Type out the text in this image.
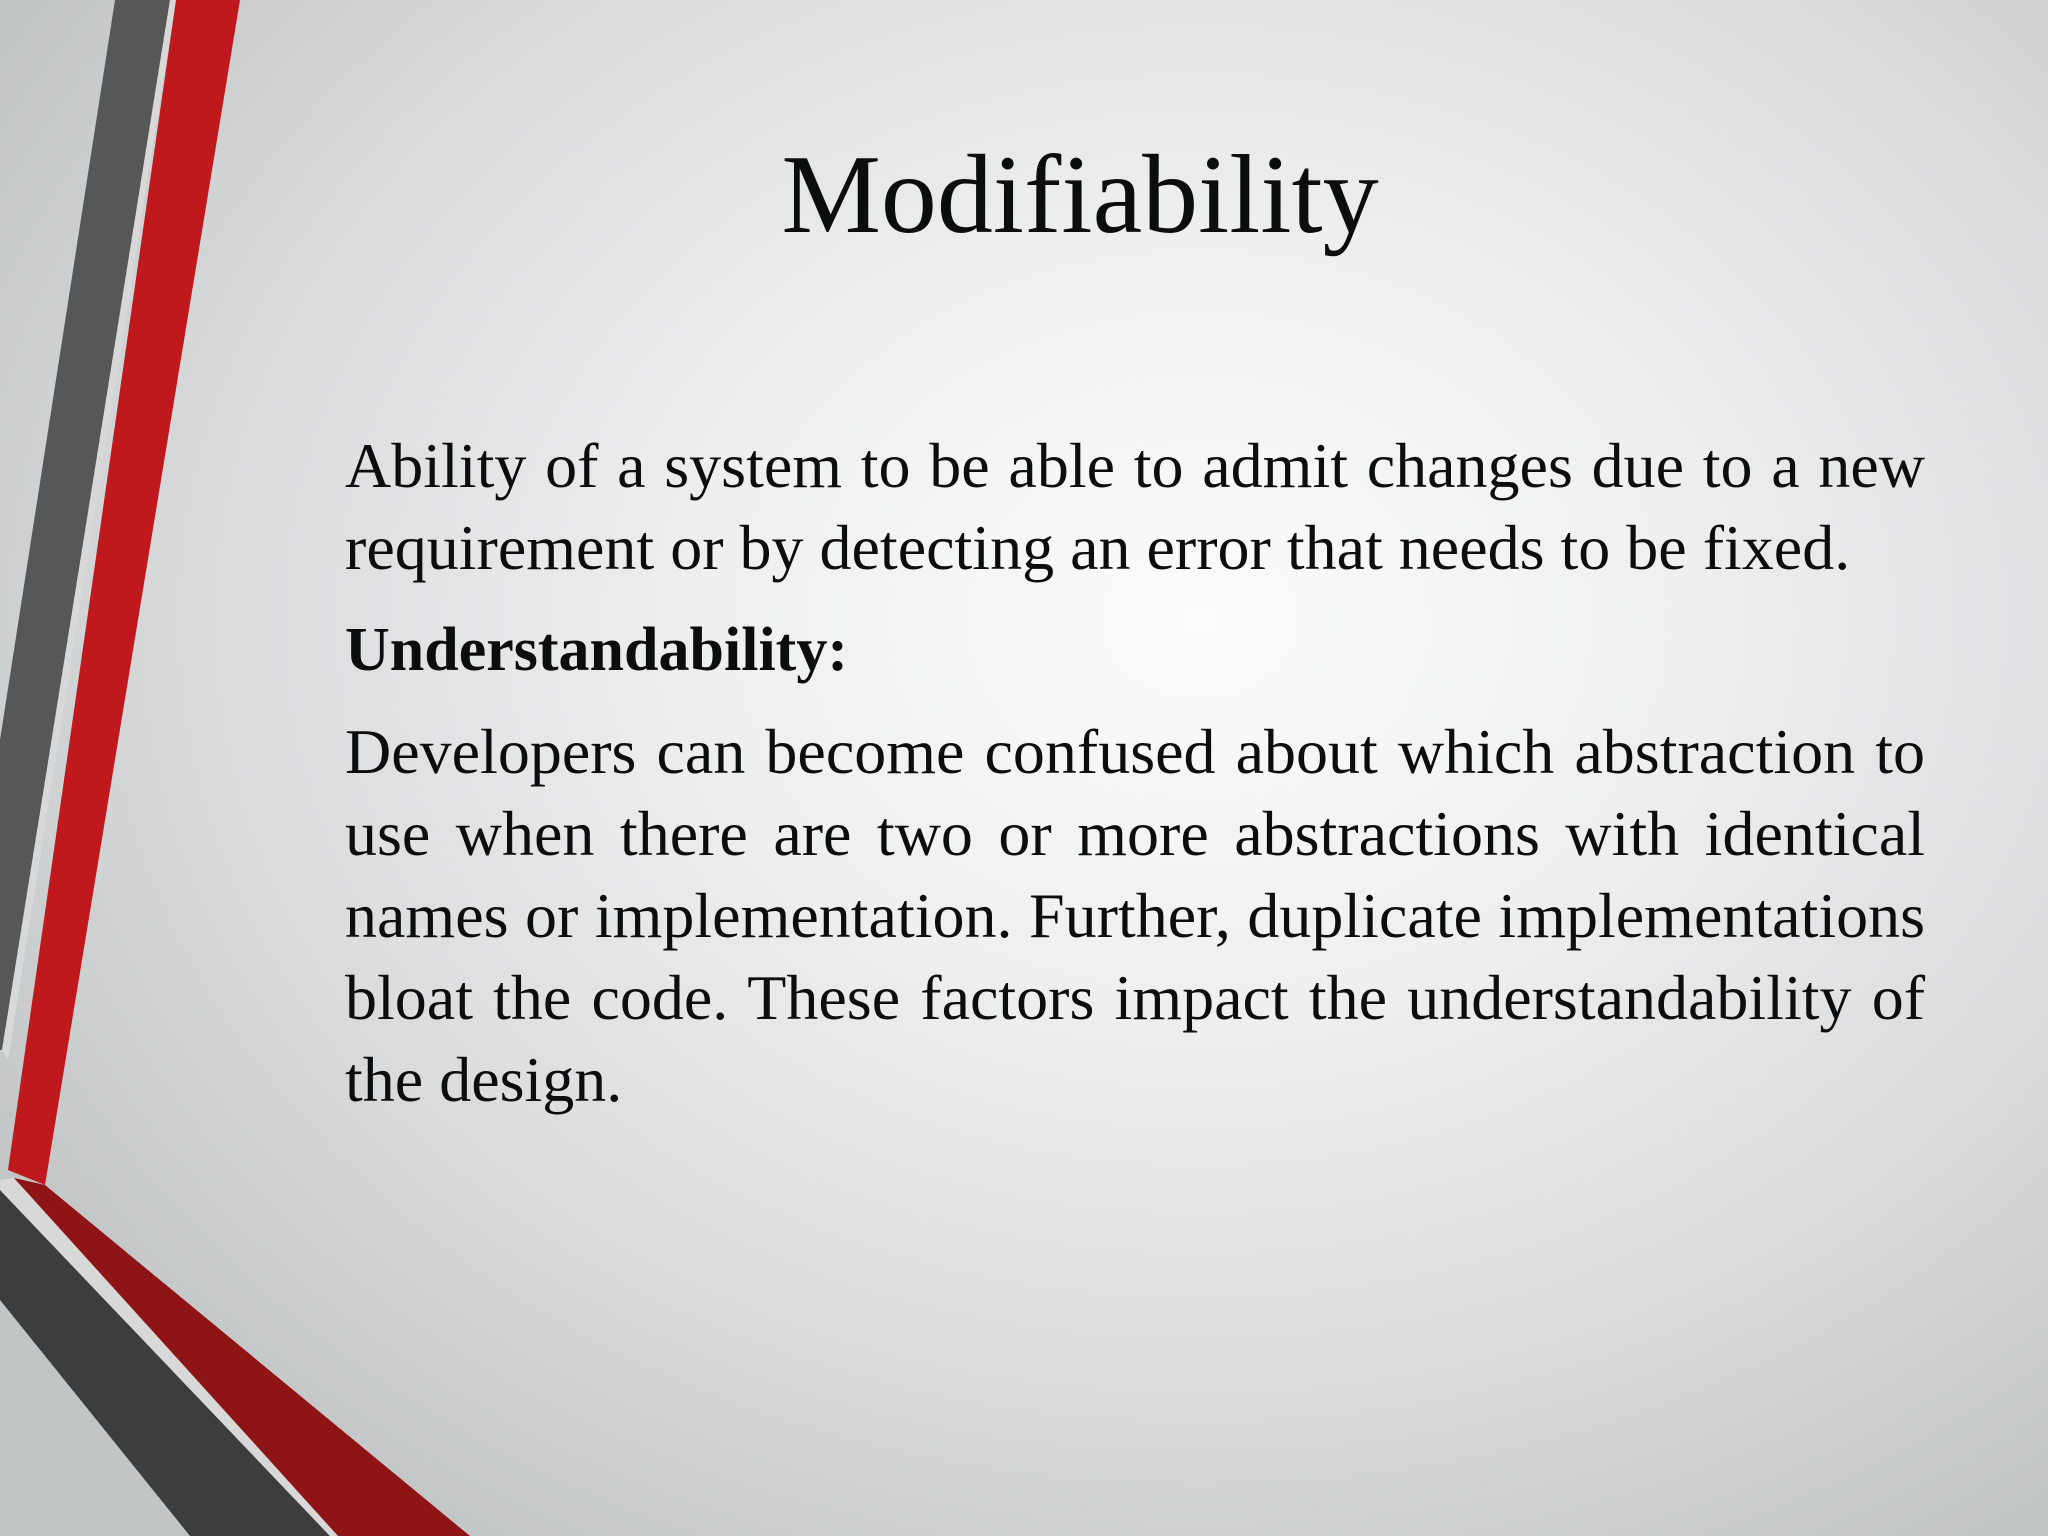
Modifiability

Ability of a system to be able to admit changes due to a new requirement or by detecting an error that needs to be fixed.

Understandability:

Developers can become confused about which abstraction to use when there are two or more abstractions with identical names or implementation. Further, duplicate implementations bloat the code. These factors impact the understandability of the design.
